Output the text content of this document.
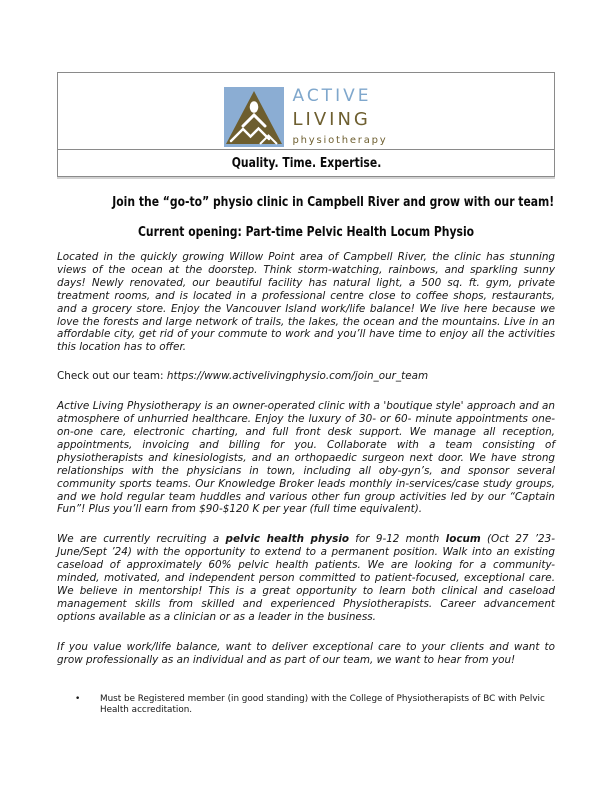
ACTIVE
LIVING
physiotherapy
Quality. Time. Expertise.
Join the “go-to” physio clinic in Campbell River and grow with our team!
Current opening: Part-time Pelvic Health Locum Physio

Located in the quickly growing Willow Point area of Campbell River, the clinic has stunning views of the ocean at the doorstep. Think storm-watching, rainbows, and sparkling sunny days! Newly renovated, our beautiful facility has natural light, a 500 sq. ft. gym, private treatment rooms, and is located in a professional centre close to coffee shops, restaurants, and a grocery store. Enjoy the Vancouver Island work/life balance! We live here because we love the forests and large network of trails, the lakes, the ocean and the mountains. Live in an affordable city, get rid of your commute to work and you’ll have time to enjoy all the activities this location has to offer.

Check out our team: https://www.activelivingphysio.com/join_our_team

Active Living Physiotherapy is an owner-operated clinic with a 'boutique style' approach and an atmosphere of unhurried healthcare. Enjoy the luxury of 30- or 60- minute appointments one-on-one care, electronic charting, and full front desk support. We manage all reception, appointments, invoicing and billing for you. Collaborate with a team consisting of physiotherapists and kinesiologists, and an orthopaedic surgeon next door. We have strong relationships with the physicians in town, including all oby-gyn’s, and sponsor several community sports teams. Our Knowledge Broker leads monthly in-services/case study groups, and we hold regular team huddles and various other fun group activities led by our “Captain Fun”! Plus you’ll earn from $90-$120 K per year (full time equivalent).

We are currently recruiting a pelvic health physio for 9-12 month locum (Oct 27 ’23-June/Sept ’24) with the opportunity to extend to a permanent position. Walk into an existing caseload of approximately 60% pelvic health patients. We are looking for a community-minded, motivated, and independent person committed to patient-focused, exceptional care. We believe in mentorship! This is a great opportunity to learn both clinical and caseload management skills from skilled and experienced Physiotherapists. Career advancement options available as a clinician or as a leader in the business.

If you value work/life balance, want to deliver exceptional care to your clients and want to grow professionally as an individual and as part of our team, we want to hear from you!

• Must be Registered member (in good standing) with the College of Physiotherapists of BC with Pelvic Health accreditation.
